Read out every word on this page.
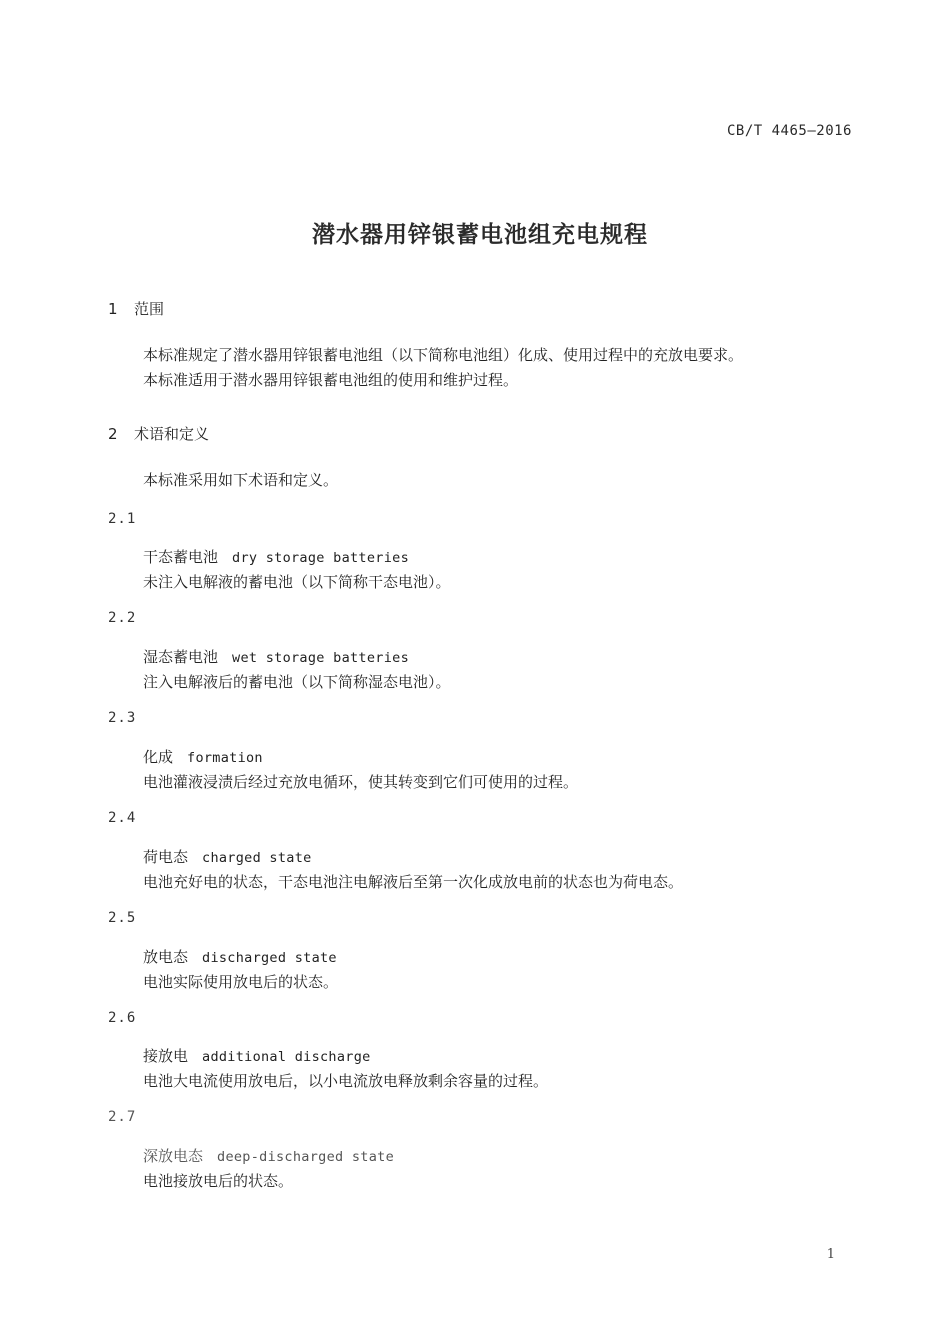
CB/T 4465—2016
潜水器用锌银蓄电池组充电规程
1 范围
本标准规定了潜水器用锌银蓄电池组（以下简称电池组）化成、使用过程中的充放电要求。
本标准适用于潜水器用锌银蓄电池组的使用和维护过程。
2 术语和定义
本标准采用如下术语和定义。
2.1
干态蓄电池 dry storage batteries
未注入电解液的蓄电池（以下简称干态电池）。
2.2
湿态蓄电池 wet storage batteries
注入电解液后的蓄电池（以下简称湿态电池）。
2.3
化成 formation
电池灌液浸渍后经过充放电循环，使其转变到它们可使用的过程。
2.4
荷电态 charged state
电池充好电的状态，干态电池注电解液后至第一次化成放电前的状态也为荷电态。
2.5
放电态 discharged state
电池实际使用放电后的状态。
2.6
接放电 additional discharge
电池大电流使用放电后，以小电流放电释放剩余容量的过程。
2.7
深放电态 deep-discharged state
电池接放电后的状态。
1
